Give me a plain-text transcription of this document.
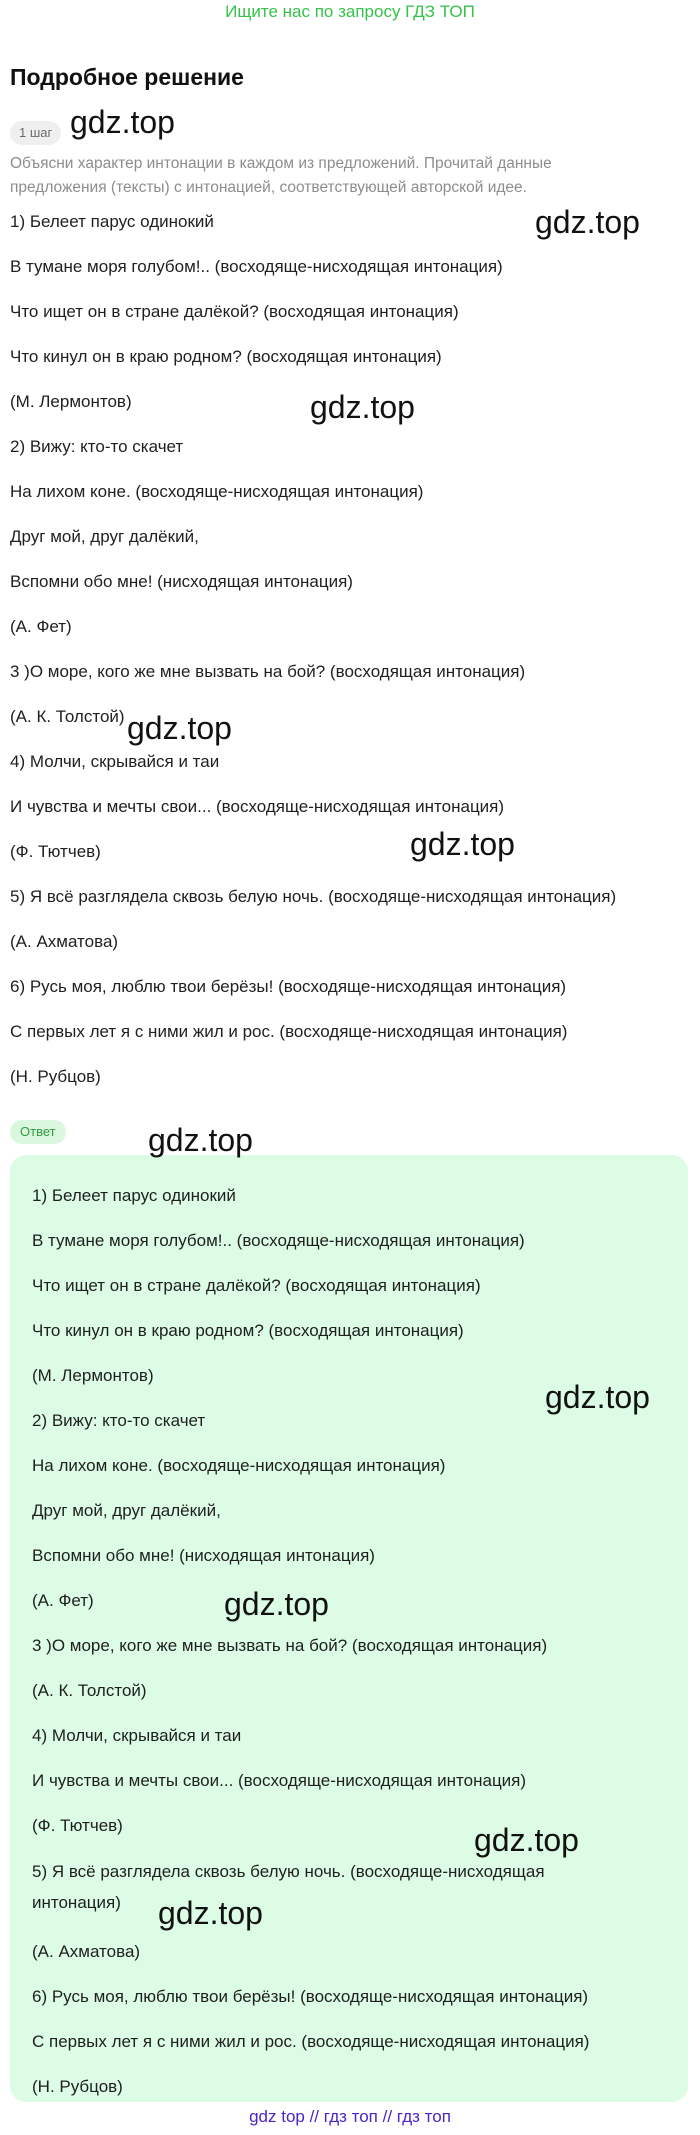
Ищите нас по запросу ГДЗ ТОП
Подробное решение
1 шаг
Объясни характер интонации в каждом из предложений. Прочитай данные предложения (тексты) с интонацией, соответствующей авторской идее.
1) Белеет парус одинокий
В тумане моря голубом!.. (восходяще-нисходящая интонация)
Что ищет он в стране далёкой? (восходящая интонация)
Что кинул он в краю родном? (восходящая интонация)
(М. Лермонтов)
2) Вижу: кто-то скачет
На лихом коне. (восходяще-нисходящая интонация)
Друг мой, друг далёкий,
Вспомни обо мне! (нисходящая интонация)
(А. Фет)
3 )О море, кого же мне вызвать на бой? (восходящая интонация)
(А. К. Толстой)
4) Молчи, скрывайся и таи
И чувства и мечты свои... (восходяще-нисходящая интонация)
(Ф. Тютчев)
5) Я всё разглядела сквозь белую ночь. (восходяще-нисходящая интонация)
(А. Ахматова)
6) Русь моя, люблю твои берёзы! (восходяще-нисходящая интонация)
С первых лет я с ними жил и рос. (восходяще-нисходящая интонация)
(Н. Рубцов)
Ответ
1) Белеет парус одинокий
В тумане моря голубом!.. (восходяще-нисходящая интонация)
Что ищет он в стране далёкой? (восходящая интонация)
Что кинул он в краю родном? (восходящая интонация)
(М. Лермонтов)
2) Вижу: кто-то скачет
На лихом коне. (восходяще-нисходящая интонация)
Друг мой, друг далёкий,
Вспомни обо мне! (нисходящая интонация)
(А. Фет)
3 )О море, кого же мне вызвать на бой? (восходящая интонация)
(А. К. Толстой)
4) Молчи, скрывайся и таи
И чувства и мечты свои... (восходяще-нисходящая интонация)
(Ф. Тютчев)
5) Я всё разглядела сквозь белую ночь. (восходяще-нисходящая интонация)
(А. Ахматова)
6) Русь моя, люблю твои берёзы! (восходяще-нисходящая интонация)
С первых лет я с ними жил и рос. (восходяще-нисходящая интонация)
(Н. Рубцов)
gdz.top
gdz.top
gdz.top
gdz.top
gdz.top
gdz.top
gdz.top
gdz.top
gdz.top
gdz.top
gdz top // гдз топ // гдз топ
